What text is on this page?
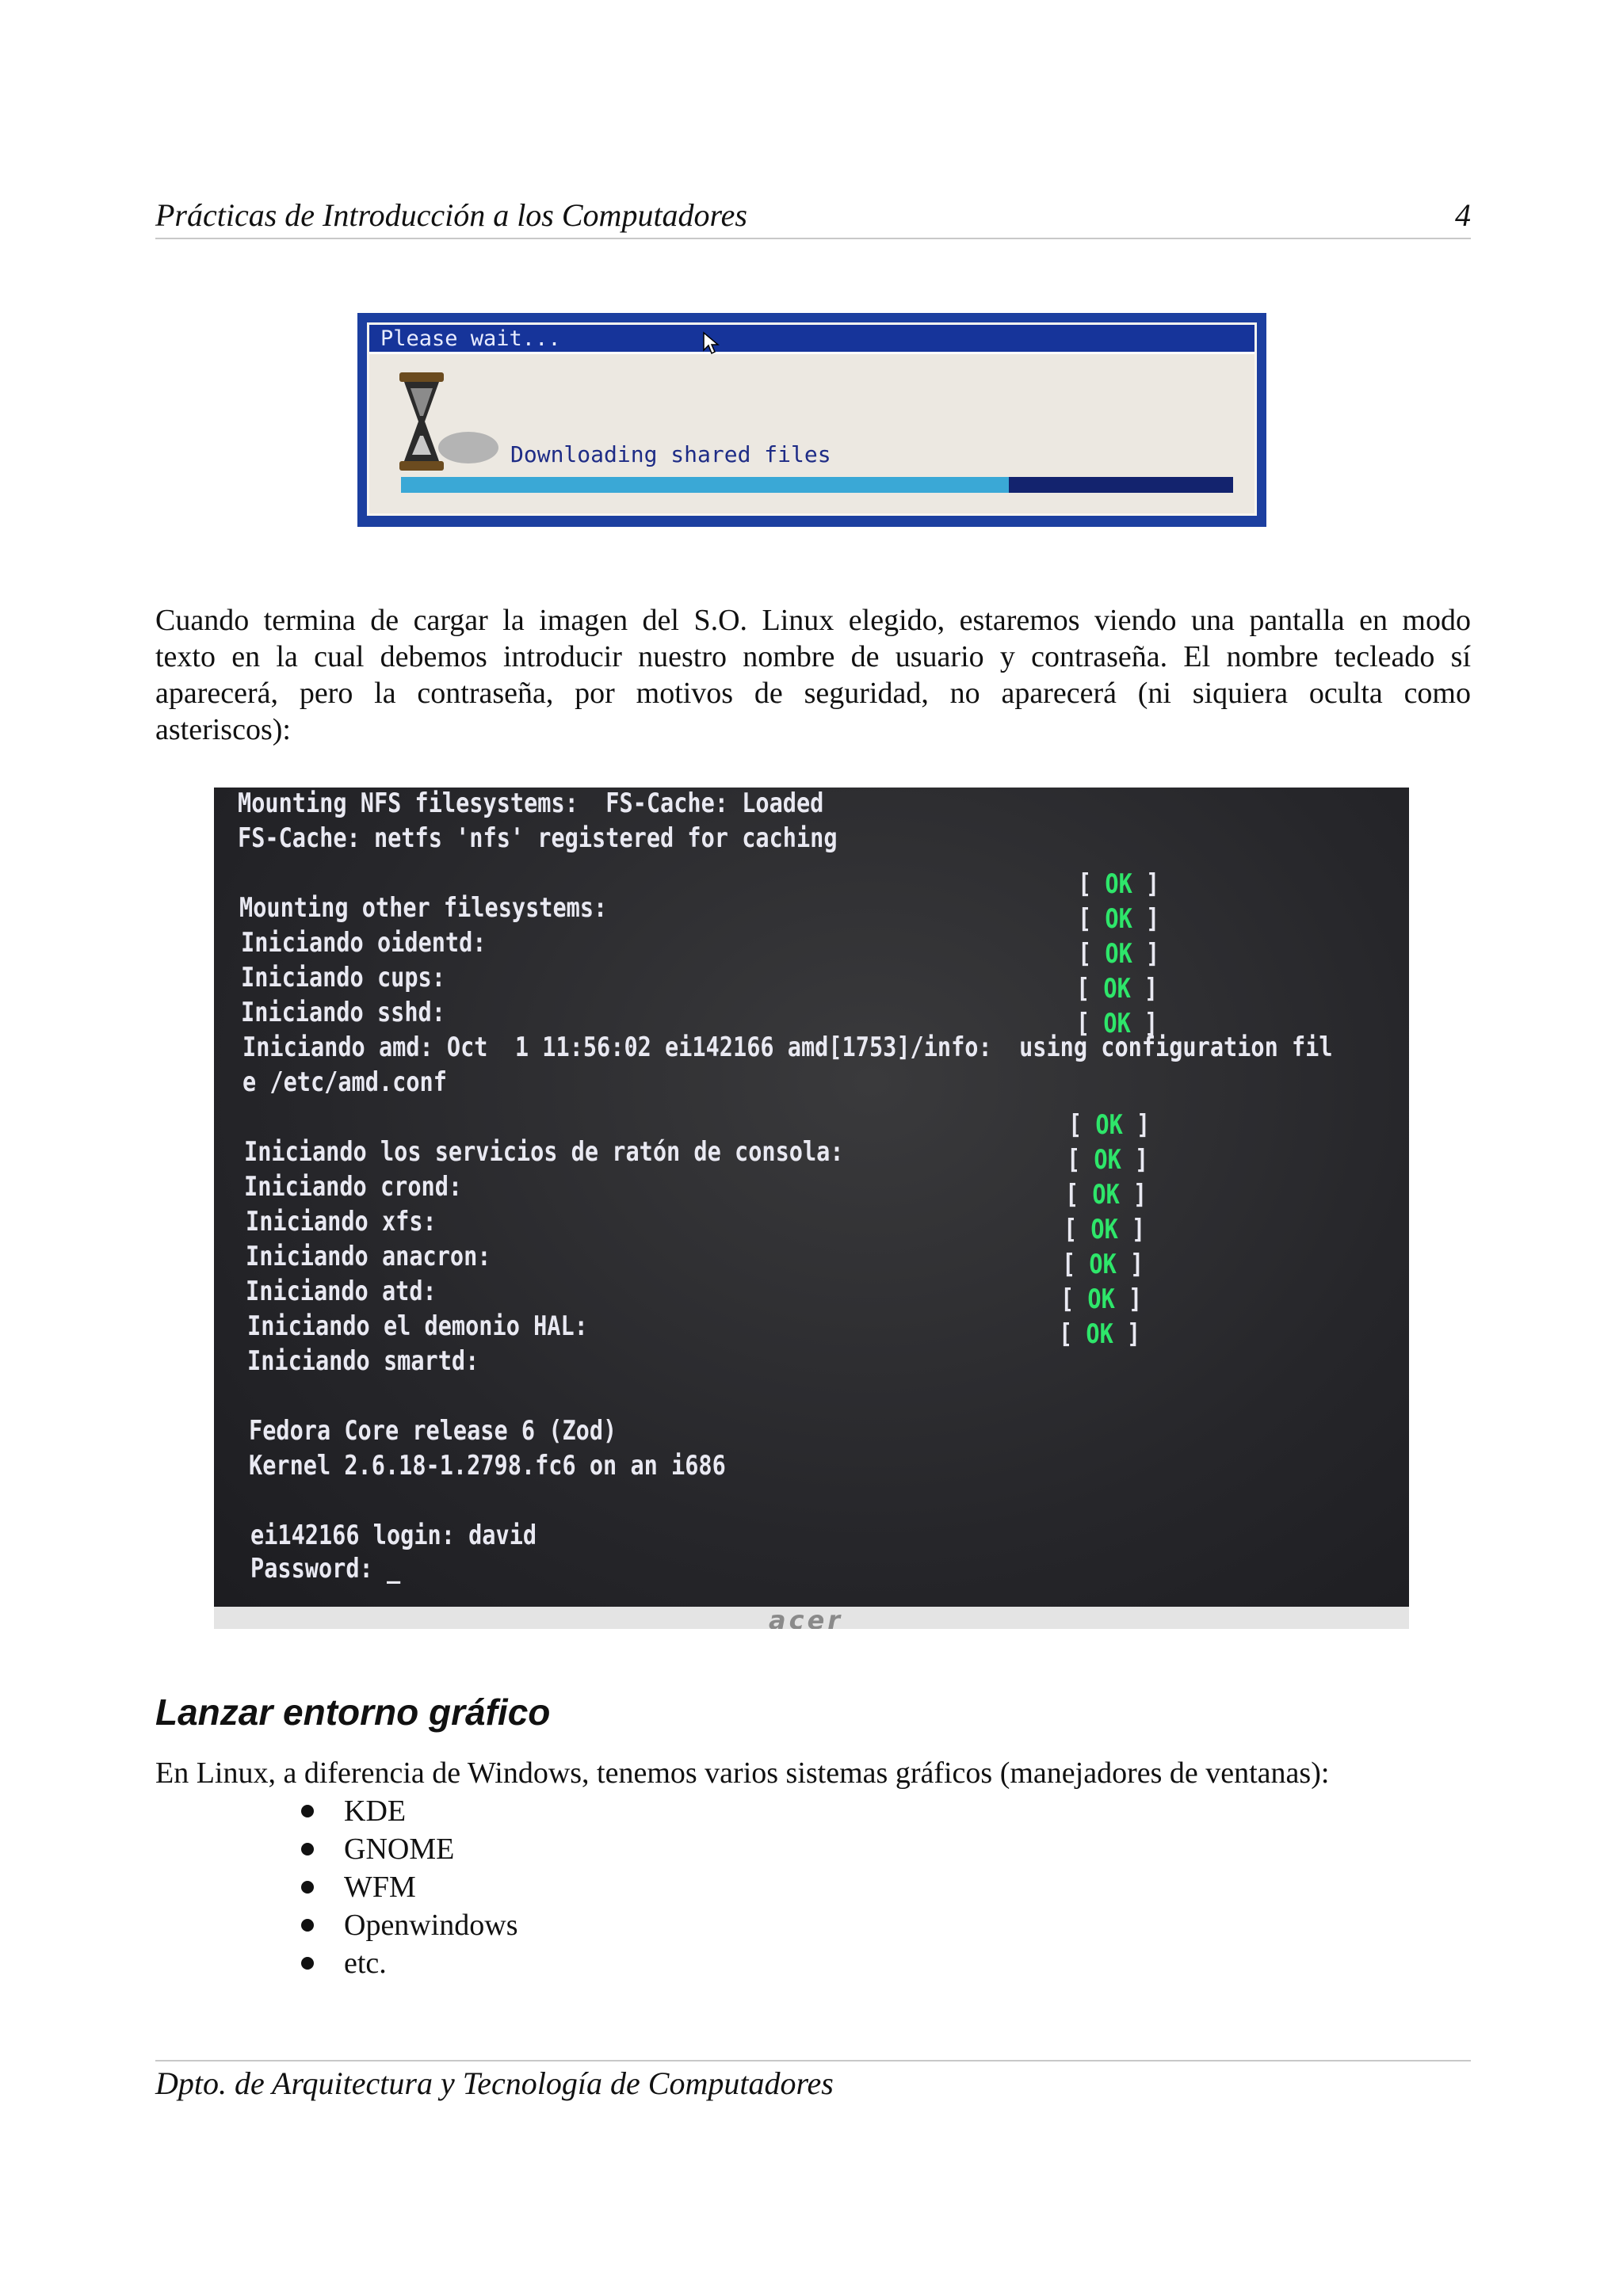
Prácticas de Introducción a los Computadores	4
Please wait...
Downloading shared files
Cuando termina de cargar la imagen del S.O. Linux elegido, estaremos viendo una pantalla en modo
texto en la cual debemos introducir nuestro nombre de usuario y contraseña. El nombre tecleado sí
aparecerá, pero la contraseña, por motivos de seguridad, no aparecerá (ni siquiera oculta como
asteriscos):
Mounting NFS filesystems:  FS-Cache: Loaded
FS-Cache: netfs 'nfs' registered for caching
Mounting other filesystems:
Iniciando oidentd:
Iniciando cups:
Iniciando sshd:
Iniciando amd: Oct  1 11:56:02 ei142166 amd[1753]/info:  using configuration fil
e /etc/amd.conf
Iniciando los servicios de ratón de consola:
Iniciando crond:
Iniciando xfs:
Iniciando anacron:
Iniciando atd:
Iniciando el demonio HAL:
Iniciando smartd:
Fedora Core release 6 (Zod)
Kernel 2.6.18-1.2798.fc6 on an i686
ei142166 login: david
Password: _
[ OK ]
[ OK ]
[ OK ]
[ OK ]
[ OK ]
[ OK ]
[ OK ]
[ OK ]
[ OK ]
[ OK ]
[ OK ]
[ OK ]
acer
Lanzar entorno gráfico
En Linux, a diferencia de Windows, tenemos varios sistemas gráficos (manejadores de ventanas):
KDE
GNOME
WFM
Openwindows
etc.
Dpto. de Arquitectura y Tecnología de Computadores
